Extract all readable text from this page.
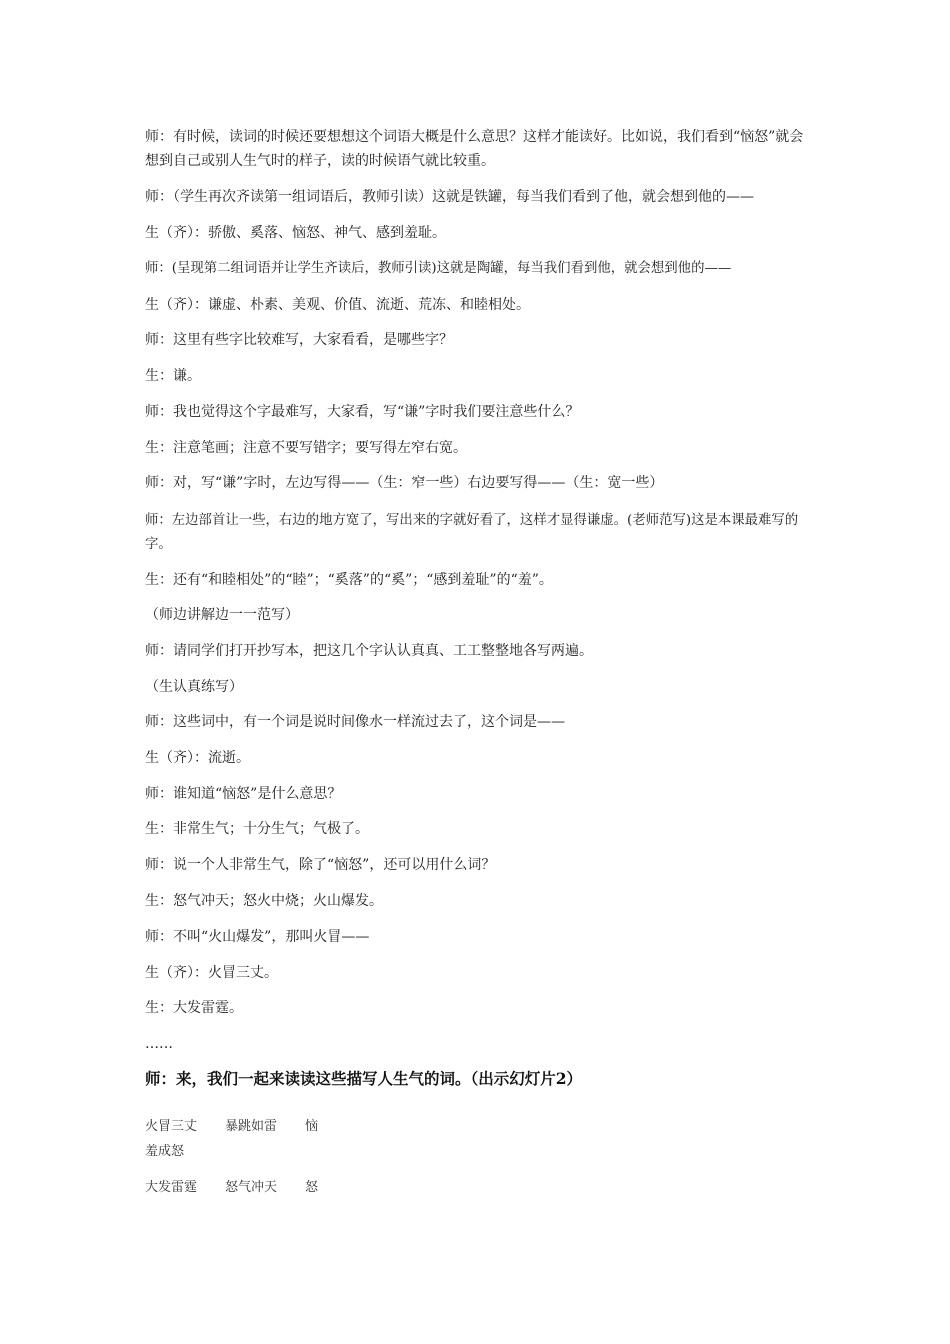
师：有时候，读词的时候还要想想这个词语大概是什么意思？这样才能读好。比如说，我们看到“恼怒”就会想到自己或别人生气时的样子，读的时候语气就比较重。

师：（学生再次齐读第一组词语后，教师引读）这就是铁罐，每当我们看到了他，就会想到他的——

生（齐）：骄傲、奚落、恼怒、神气、感到羞耻。

师：(呈现第二组词语并让学生齐读后，教师引读)这就是陶罐，每当我们看到他，就会想到他的——

生（齐）：谦虚、朴素、美观、价值、流逝、荒冻、和睦相处。

师：这里有些字比较难写，大家看看，是哪些字？

生：谦。

师：我也觉得这个字最难写，大家看，写“谦”字时我们要注意些什么？

生：注意笔画；注意不要写错字；要写得左窄右宽。

师：对，写“谦”字时，左边写得——（生：窄一些）右边要写得——（生：宽一些）

师：左边部首让一些，右边的地方宽了，写出来的字就好看了，这样才显得谦虚。(老师范写)这是本课最难写的字。

生：还有“和睦相处”的“睦”；“奚落”的“奚”；“感到羞耻”的“羞”。

（师边讲解边一一范写）

师：请同学们打开抄写本，把这几个字认认真真、工工整整地各写两遍。

（生认真练写）

师：这些词中，有一个词是说时间像水一样流过去了，这个词是——

生（齐）：流逝。

师：谁知道“恼怒”是什么意思？

生：非常生气；十分生气；气极了。

师：说一个人非常生气，除了“恼怒”，还可以用什么词？

生：怒气冲天；怒火中烧；火山爆发。

师：不叫“火山爆发”，那叫火冒——

生（齐）：火冒三丈。

生：大发雷霆。

……

师：来，我们一起来读读这些描写人生气的词。（出示幻灯片2）

火冒三丈 暴跳如雷 恼
羞成怒
大发雷霆 怒气冲天 怒
